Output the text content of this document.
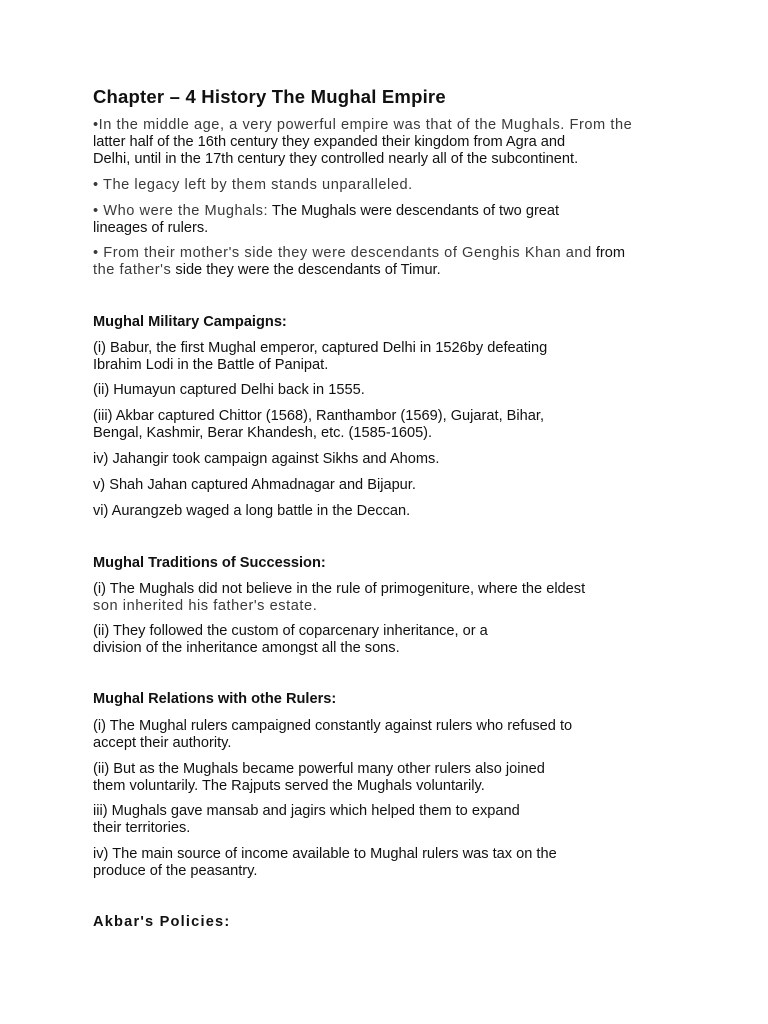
Chapter – 4 History The Mughal Empire

•In the middle age, a very powerful empire was that of the Mughals. From the
latter half of the 16th century they expanded their kingdom from Agra and
Delhi, until in the 17th century they controlled nearly all of the subcontinent.

• The legacy left by them stands unparalleled.

• Who were the Mughals: The Mughals were descendants of two great
lineages of rulers.

• From their mother's side they were descendants of Genghis Khan and from
the father's side they were the descendants of Timur.

Mughal Military Campaigns:

(i) Babur, the first Mughal emperor, captured Delhi in 1526by defeating
Ibrahim Lodi in the Battle of Panipat.

(ii) Humayun captured Delhi back in 1555.

(iii) Akbar captured Chittor (1568), Ranthambor (1569), Gujarat, Bihar,
Bengal, Kashmir, Berar Khandesh, etc. (1585-1605).

iv) Jahangir took campaign against Sikhs and Ahoms.

v) Shah Jahan captured Ahmadnagar and Bijapur.

vi) Aurangzeb waged a long battle in the Deccan.

Mughal Traditions of Succession:

(i) The Mughals did not believe in the rule of primogeniture, where the eldest
son inherited his father's estate.

(ii) They followed the custom of coparcenary inheritance, or a
division of the inheritance amongst all the sons.

Mughal Relations with othe Rulers:

(i) The Mughal rulers campaigned constantly against rulers who refused to
accept their authority.

(ii) But as the Mughals became powerful many other rulers also joined
them voluntarily. The Rajputs served the Mughals voluntarily.

iii) Mughals gave mansab and jagirs which helped them to expand
their territories.

iv) The main source of income available to Mughal rulers was tax on the
produce of the peasantry.

Akbar's Policies:
